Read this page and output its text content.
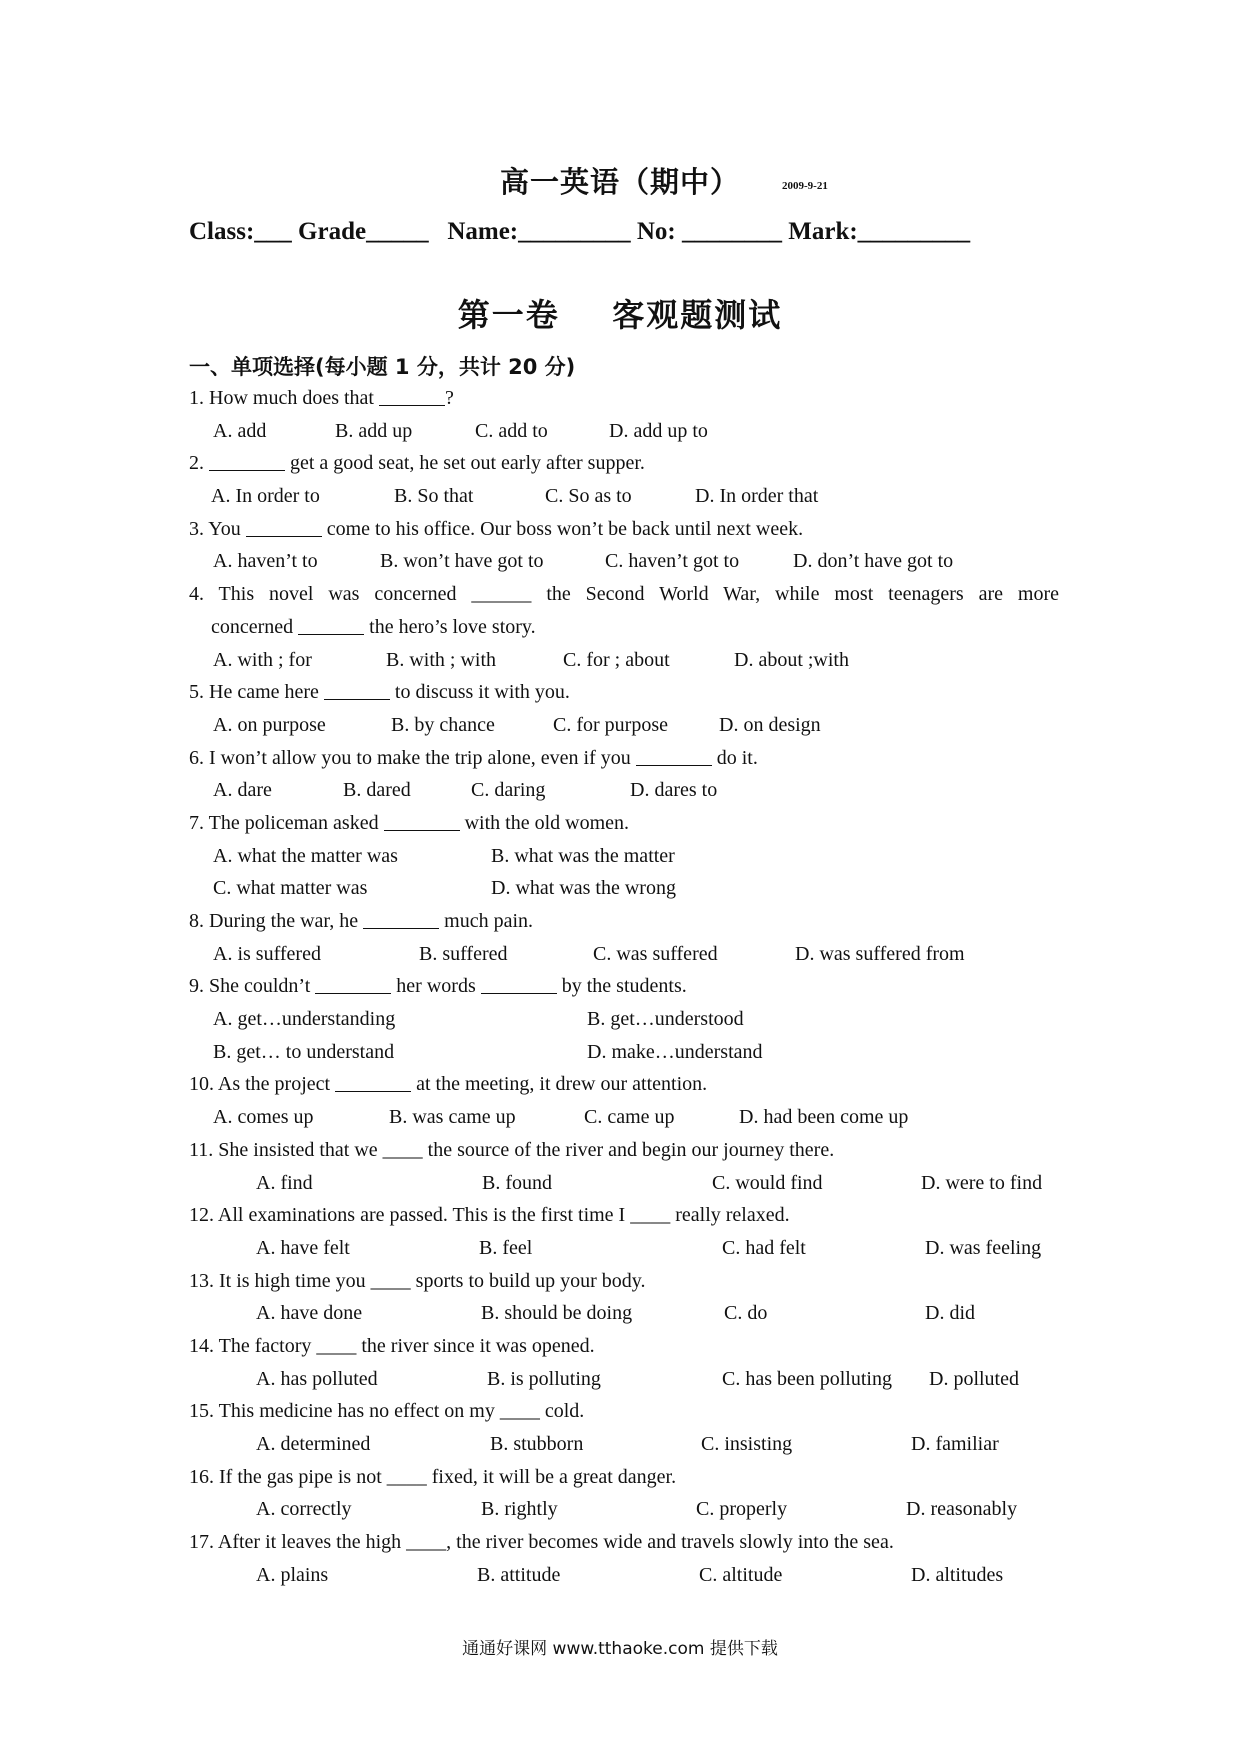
高一英语（期中）	2009-9-21
Class:___ Grade_____   Name:_________ No: ________ Mark:_________
第一卷    客观题测试
一、单项选择(每小题 1 分，共计 20 分)
1. How much does that	?
A. add	B. add up	C. add to	D. add up to
2.	get a good seat, he set out early after supper.
A. In order to	B. So that	C. So as to	D. In order that
3. You	come to his office. Our boss won’t be back until next week.
A. haven’t to	B. won’t have got to	C. haven’t got to	D. don’t have got to
4. This novel was concerned ______ the Second World War, while most teenagers are more
concerned	the hero’s love story.
A. with ; for	B. with ; with	C. for ; about	D. about ;with
5. He came here	to discuss it with you.
A. on purpose	B. by chance	C. for purpose	D. on design
6. I won’t allow you to make the trip alone, even if you	do it.
A. dare	B. dared	C. daring	D. dares to
7. The policeman asked	with the old women.
A. what the matter was	B. what was the matter
C. what matter was	D. what was the wrong
8. During the war, he	much pain.
A. is suffered	B. suffered	C. was suffered	D. was suffered from
9. She couldn’t	her words	by the students.
A. get…understanding	B. get…understood
B. get… to understand	D. make…understand
10. As the project	at the meeting, it drew our attention.
A. comes up	B. was came up	C. came up	D. had been come up
11. She insisted that we ____ the source of the river and begin our journey there.
A. find	B. found	C. would find	D. were to find
12. All examinations are passed. This is the first time I ____ really relaxed.
A. have felt	B. feel	C. had felt	D. was feeling
13. It is high time you ____ sports to build up your body.
A. have done	B. should be doing	C. do	D. did
14. The factory ____ the river since it was opened.
A. has polluted	B. is polluting	C. has been polluting D. polluted
15. This medicine has no effect on my ____ cold.
A. determined	B. stubborn	C. insisting	D. familiar
16. If the gas pipe is not ____ fixed, it will be a great danger.
A. correctly	B. rightly	C. properly	D. reasonably
17. After it leaves the high ____, the river becomes wide and travels slowly into the sea.
A. plains	B. attitude	C. altitude	D. altitudes
通通好课网 www.tthaoke.com 提供下载
